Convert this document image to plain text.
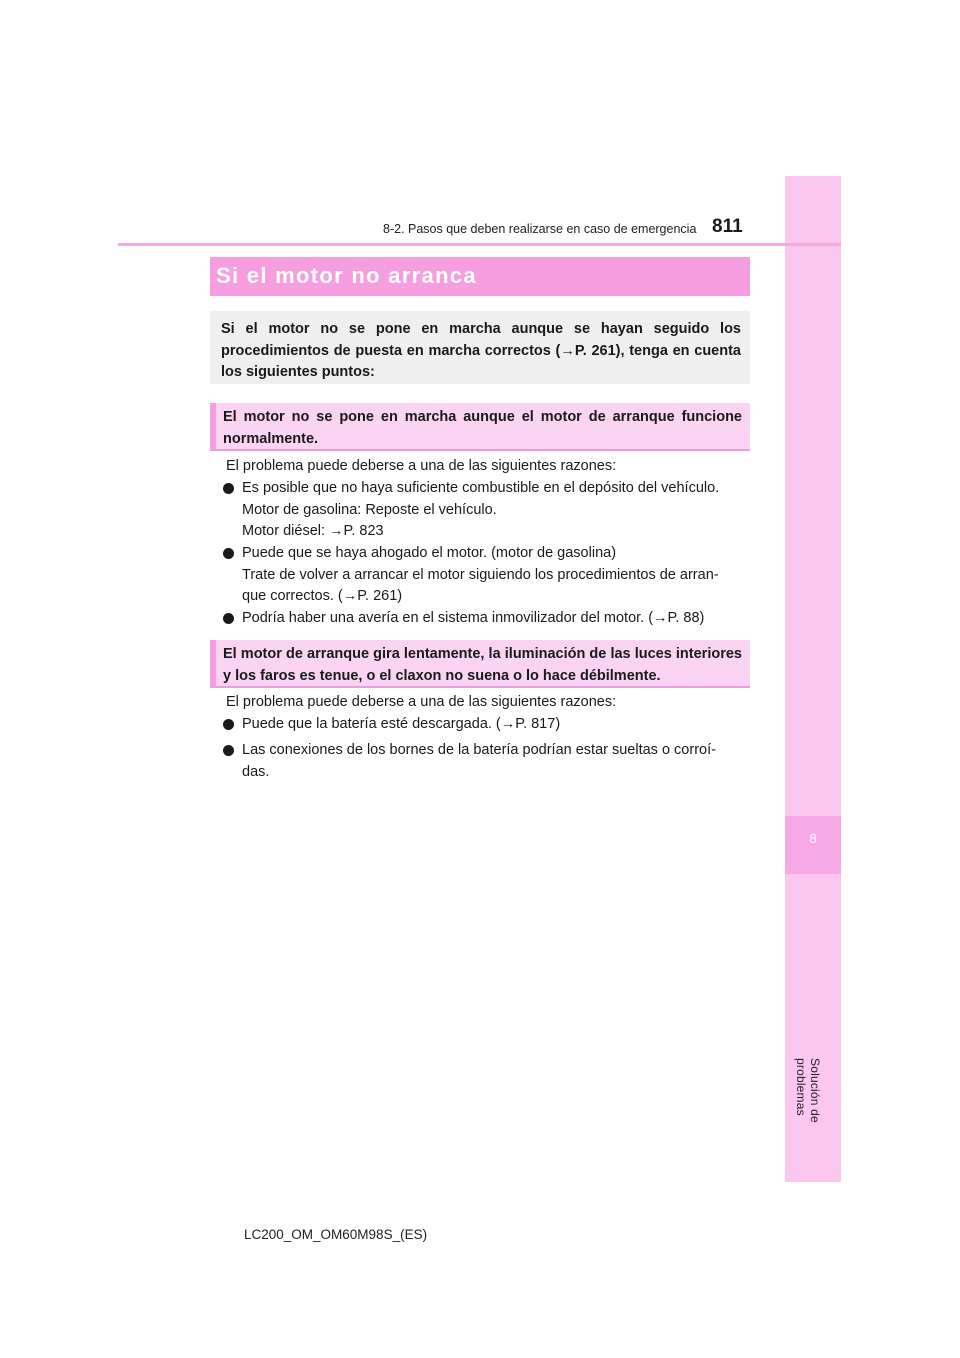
8
Solución de problemas
8-2. Pasos que deben realizarse en caso de emergencia 811
Si el motor no arranca

Si el motor no se pone en marcha aunque se hayan seguido los procedimientos de puesta en marcha correctos (→P. 261), tenga en cuenta los siguientes puntos:

El motor no se pone en marcha aunque el motor de arranque funcione normalmente.

El problema puede deberse a una de las siguientes razones:
Es posible que no haya suficiente combustible en el depósito del vehículo.
Motor de gasolina: Reposte el vehículo.
Motor diésel: →P. 823
Puede que se haya ahogado el motor. (motor de gasolina)
Trate de volver a arrancar el motor siguiendo los procedimientos de arran-
que correctos. (→P. 261)
Podría haber una avería en el sistema inmovilizador del motor. (→P. 88)

El motor de arranque gira lentamente, la iluminación de las luces interiores y los faros es tenue, o el claxon no suena o lo hace débilmente.

El problema puede deberse a una de las siguientes razones:
Puede que la batería esté descargada. (→P. 817)
Las conexiones de los bornes de la batería podrían estar sueltas o corroí-
das.
LC200_OM_OM60M98S_(ES)
